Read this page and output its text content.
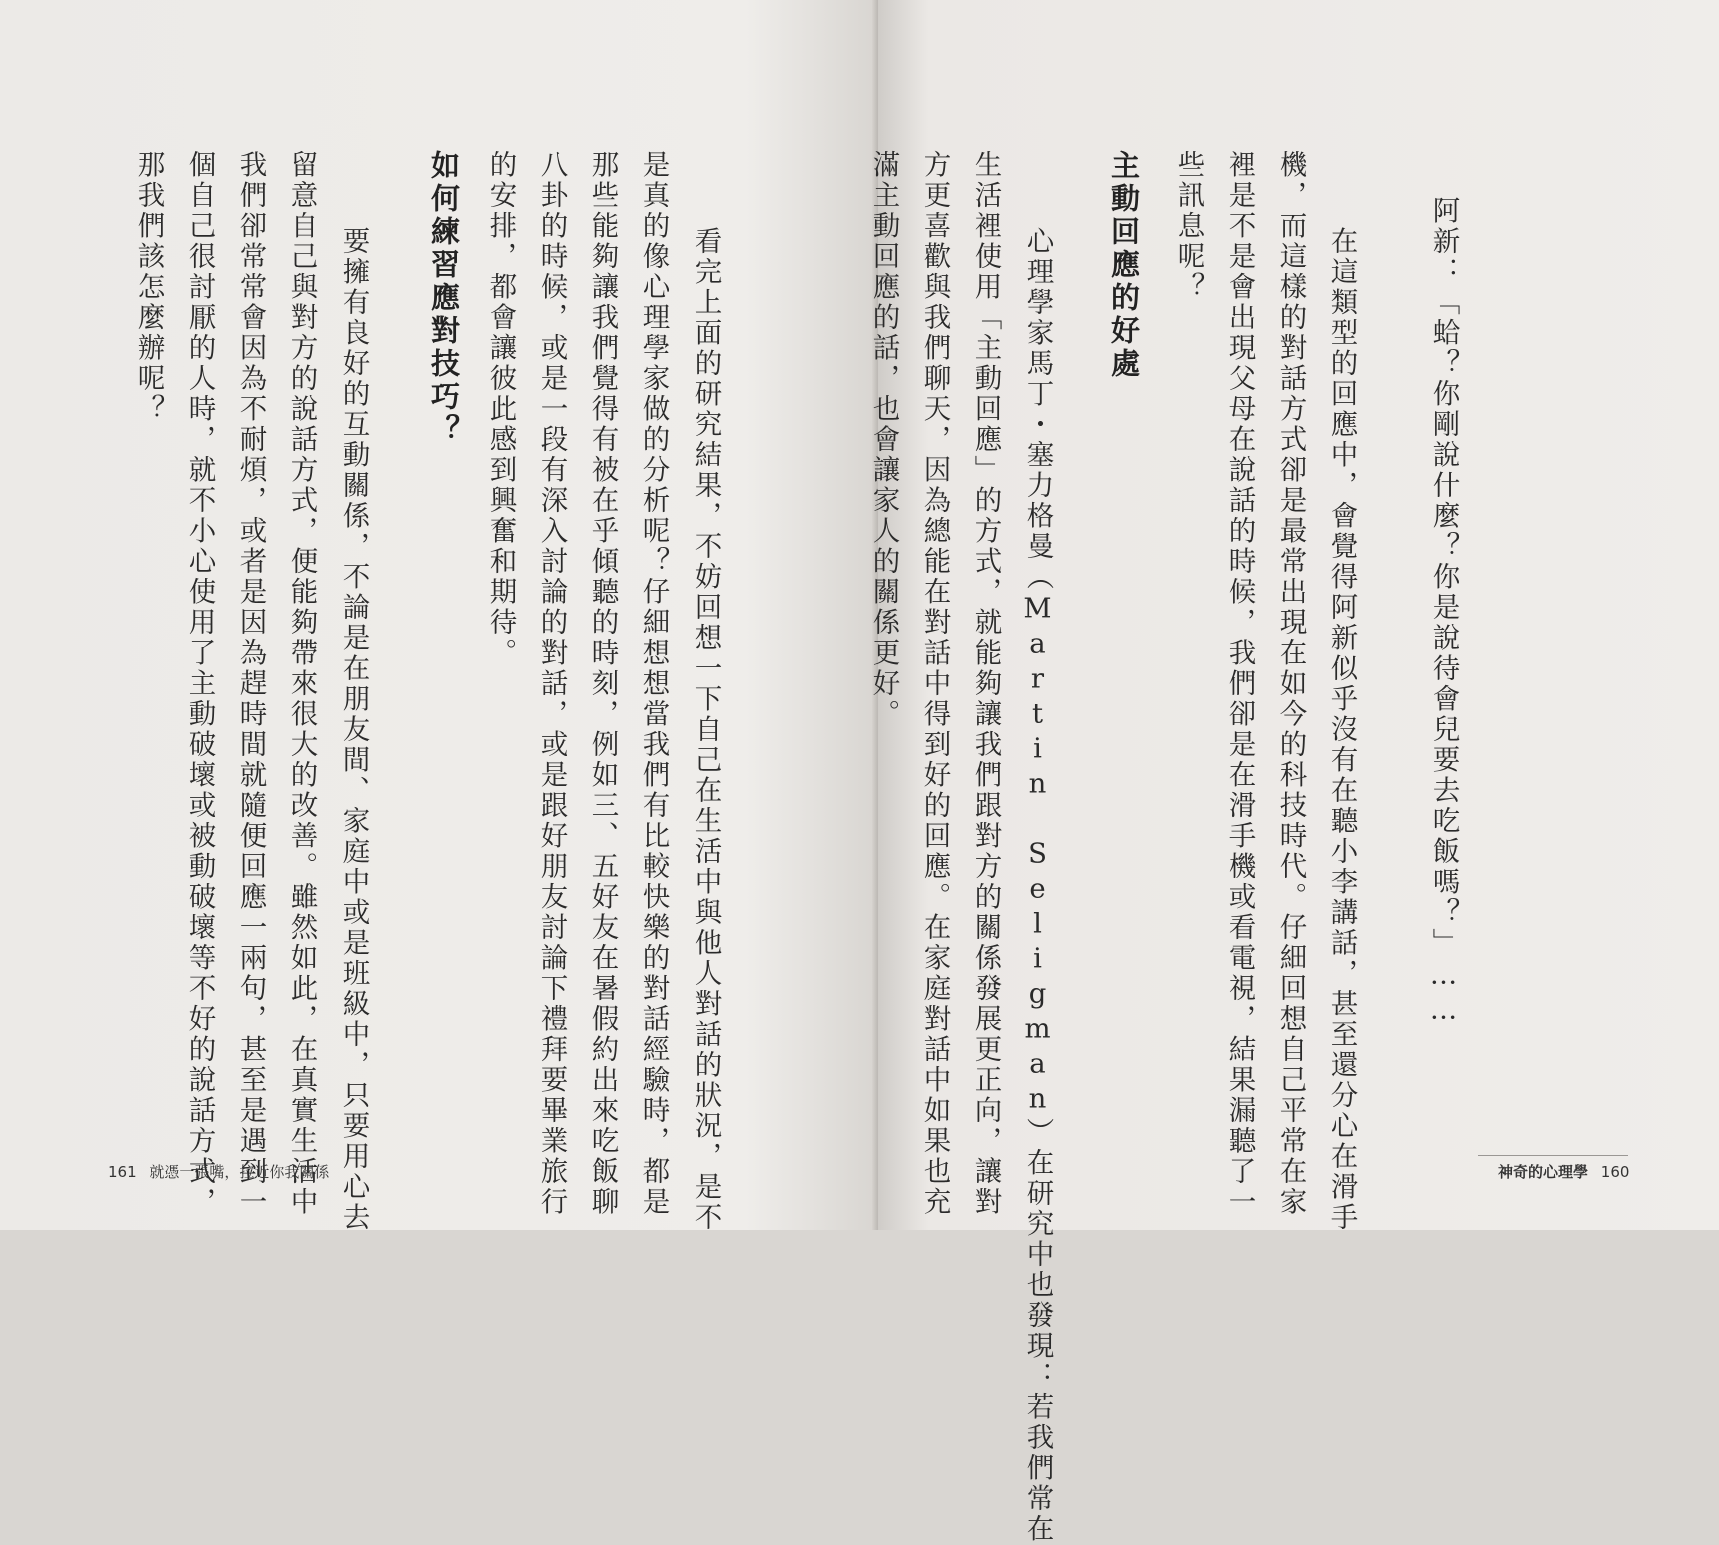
　看完上面的研究結果，不妨回想一下自己在生活中與他人對話的狀況，是不
是真的像心理學家做的分析呢？仔細想想當我們有比較快樂的對話經驗時，都是
那些能夠讓我們覺得有被在乎傾聽的時刻，例如三、五好友在暑假約出來吃飯聊
八卦的時候，或是一段有深入討論的對話，或是跟好朋友討論下禮拜要畢業旅行
的安排，都會讓彼此感到興奮和期待。
如何練習應對技巧？
　要擁有良好的互動關係，不論是在朋友間、家庭中或是班級中，只要用心去
留意自己與對方的說話方式，便能夠帶來很大的改善。雖然如此，在真實生活中
我們卻常常會因為不耐煩，或者是因為趕時間就隨便回應一兩句，甚至是遇到一
個自己很討厭的人時，就不小心使用了主動破壞或被動破壞等不好的說話方式，
那我們該怎麼辦呢？
161 就憑一張嘴，拉近你我關係
阿新：「蛤？你剛說什麼？你是說待會兒要去吃飯嗎？」……
　在這類型的回應中，會覺得阿新似乎沒有在聽小李講話，甚至還分心在滑手
機，而這樣的對話方式卻是最常出現在如今的科技時代。仔細回想自己平常在家
裡是不是會出現父母在說話的時候，我們卻是在滑手機或看電視，結果漏聽了一
些訊息呢？
主動回應的好處
　心理學家馬丁・塞力格曼（Martin Seligman）在研究中也發現：若我們常在
生活裡使用「主動回應」的方式，就能夠讓我們跟對方的關係發展更正向，讓對
方更喜歡與我們聊天，因為總能在對話中得到好的回應。在家庭對話中如果也充
滿主動回應的話，也會讓家人的關係更好。
神奇的心理學 160
